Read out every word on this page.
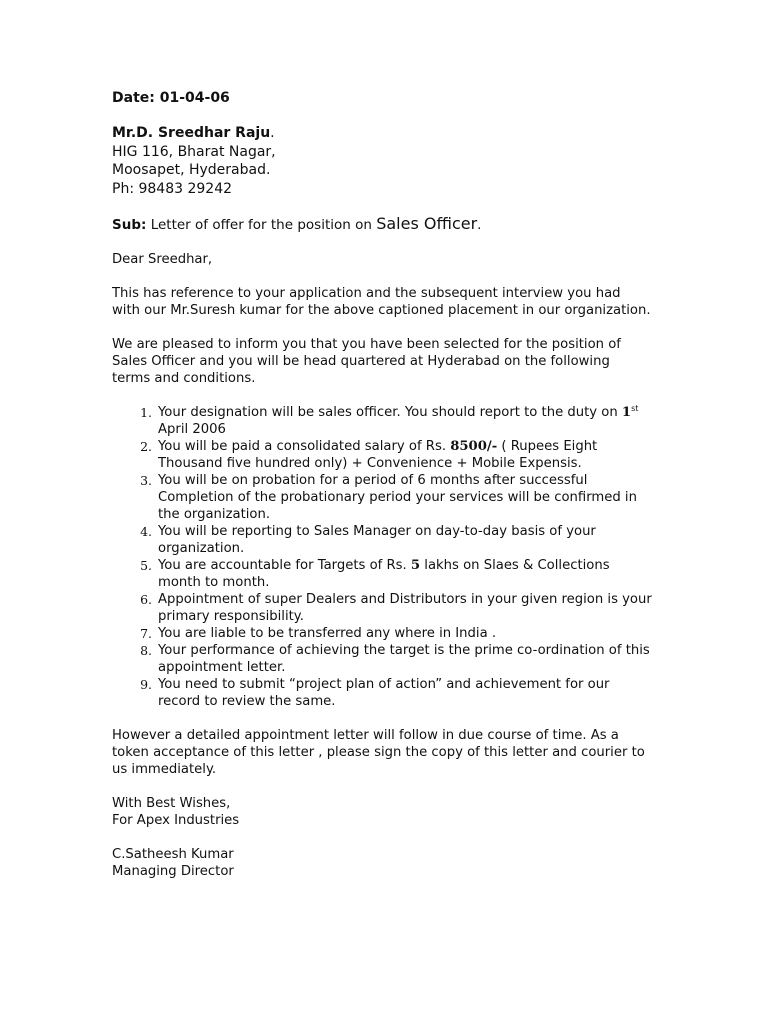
Date: 01-04-06
Mr.D. Sreedhar Raju.
HIG 116, Bharat Nagar,
Moosapet, Hyderabad.
Ph: 98483 29242
Sub: Letter of offer for the position on Sales Officer.
Dear Sreedhar,
This has reference to your application and the subsequent interview you had with our Mr.Suresh kumar for the above captioned placement in our organization.
We are pleased to inform you that you have been selected for the position of Sales Officer and you will be head quartered at Hyderabad on the following terms and conditions.
1. Your designation will be sales officer. You should report to the duty on 1st April 2006
2. You will be paid a consolidated salary of Rs. 8500/- ( Rupees Eight Thousand five hundred only) + Convenience + Mobile Expensis.
3. You will be on probation for a period of 6 months after successful Completion of the probationary period your services will be confirmed in the organization.
4. You will be reporting to Sales Manager on day-to-day basis of your organization.
5. You are accountable for Targets of Rs. 5 lakhs on Slaes & Collections month to month.
6. Appointment of super Dealers and Distributors in your given region is your primary responsibility.
7. You are liable to be transferred any where in India .
8. Your performance of achieving the target is the prime co-ordination of this appointment letter.
9. You need to submit “project plan of action” and achievement for our record to review the same.
However a detailed appointment letter will follow in due course of time. As a token acceptance of this letter , please sign the copy of this letter and courier to us immediately.
With Best Wishes,
For Apex Industries
C.Satheesh Kumar
Managing Director
